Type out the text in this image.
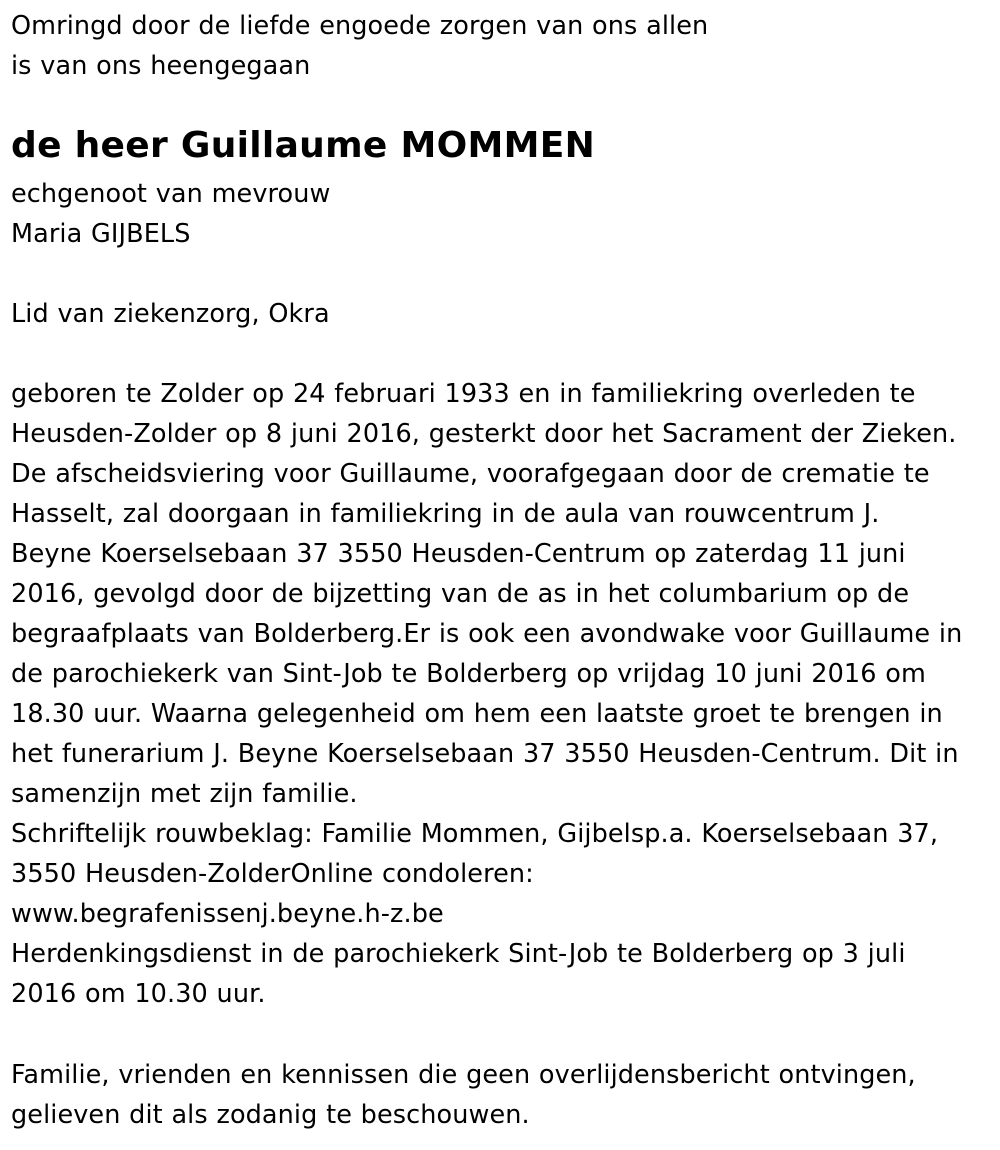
Omringd door de liefde engoede zorgen van ons allen
is van ons heengegaan
de heer Guillaume MOMMEN
echgenoot van mevrouw
Maria GIJBELS
Lid van ziekenzorg, Okra
geboren te Zolder op 24 februari 1933 en in familiekring overleden te
Heusden-Zolder op 8 juni 2016, gesterkt door het Sacrament der Zieken.
De afscheidsviering voor Guillaume, voorafgegaan door de crematie te
Hasselt, zal doorgaan in familiekring in de aula van rouwcentrum J.
Beyne Koerselsebaan 37 3550 Heusden-Centrum op zaterdag 11 juni
2016, gevolgd door de bijzetting van de as in het columbarium op de
begraafplaats van Bolderberg.Er is ook een avondwake voor Guillaume in
de parochiekerk van Sint-Job te Bolderberg op vrijdag 10 juni 2016 om
18.30 uur. Waarna gelegenheid om hem een laatste groet te brengen in
het funerarium J. Beyne Koerselsebaan 37 3550 Heusden-Centrum. Dit in
samenzijn met zijn familie.
Schriftelijk rouwbeklag: Familie Mommen, Gijbelsp.a. Koerselsebaan 37,
3550 Heusden-ZolderOnline condoleren:
www.begrafenissenj.beyne.h-z.be
Herdenkingsdienst in de parochiekerk Sint-Job te Bolderberg op 3 juli
2016 om 10.30 uur.
Familie, vrienden en kennissen die geen overlijdensbericht ontvingen,
gelieven dit als zodanig te beschouwen.
